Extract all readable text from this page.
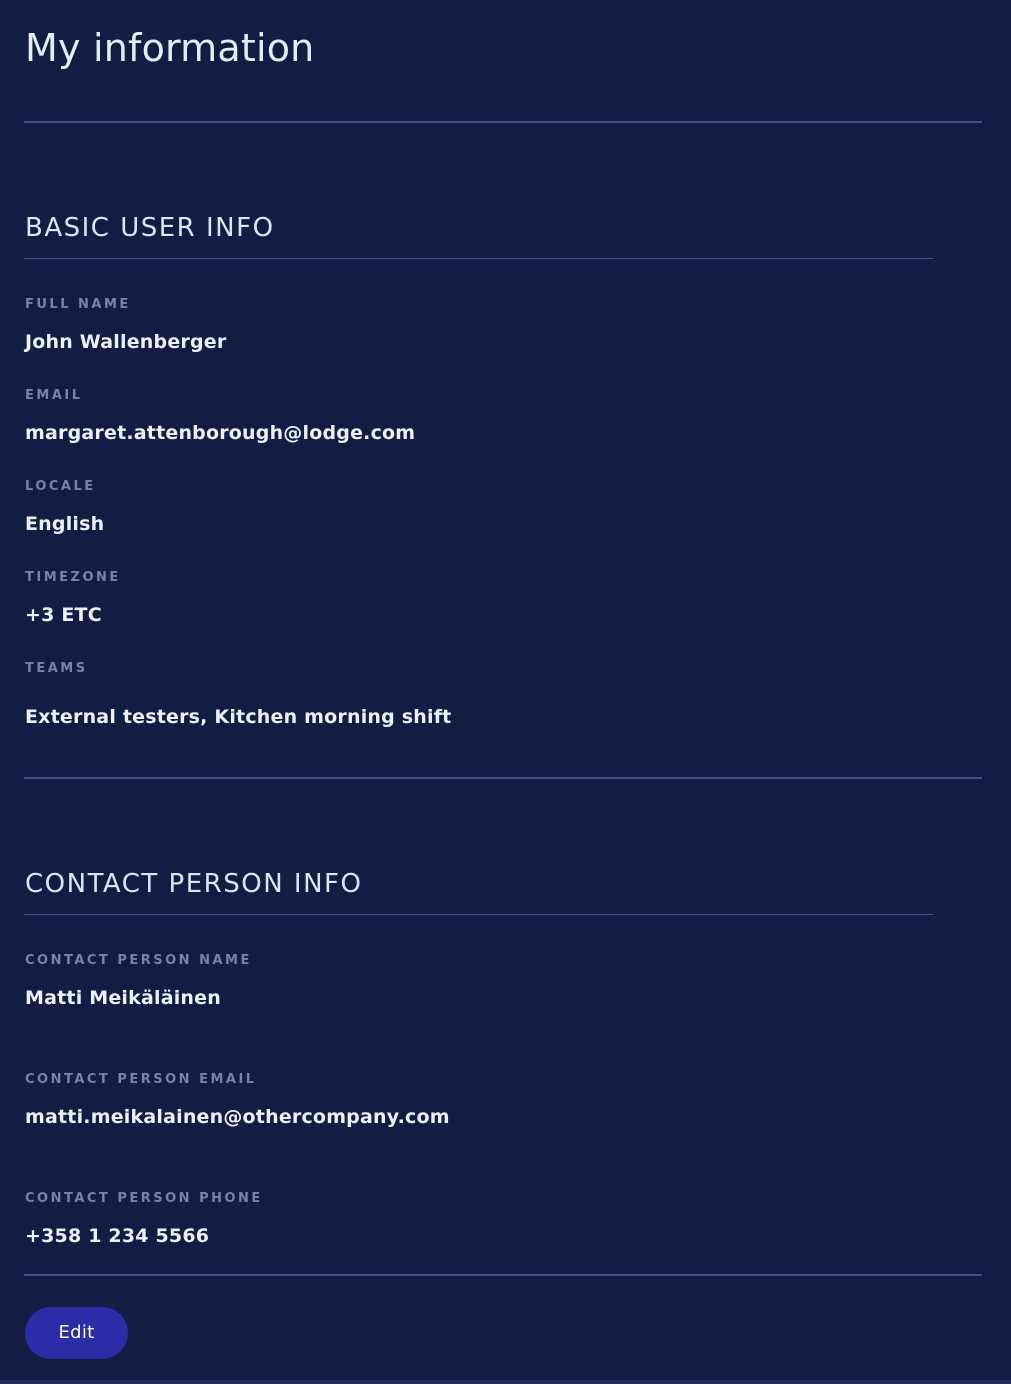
My information
BASIC USER INFO
FULL NAME
John Wallenberger
EMAIL
margaret.attenborough@lodge.com
LOCALE
English
TIMEZONE
+3 ETC
TEAMS
External testers, Kitchen morning shift
CONTACT PERSON INFO
CONTACT PERSON NAME
Matti Meikäläinen
CONTACT PERSON EMAIL
matti.meikalainen@othercompany.com
CONTACT PERSON PHONE
+358 1 234 5566
Edit
